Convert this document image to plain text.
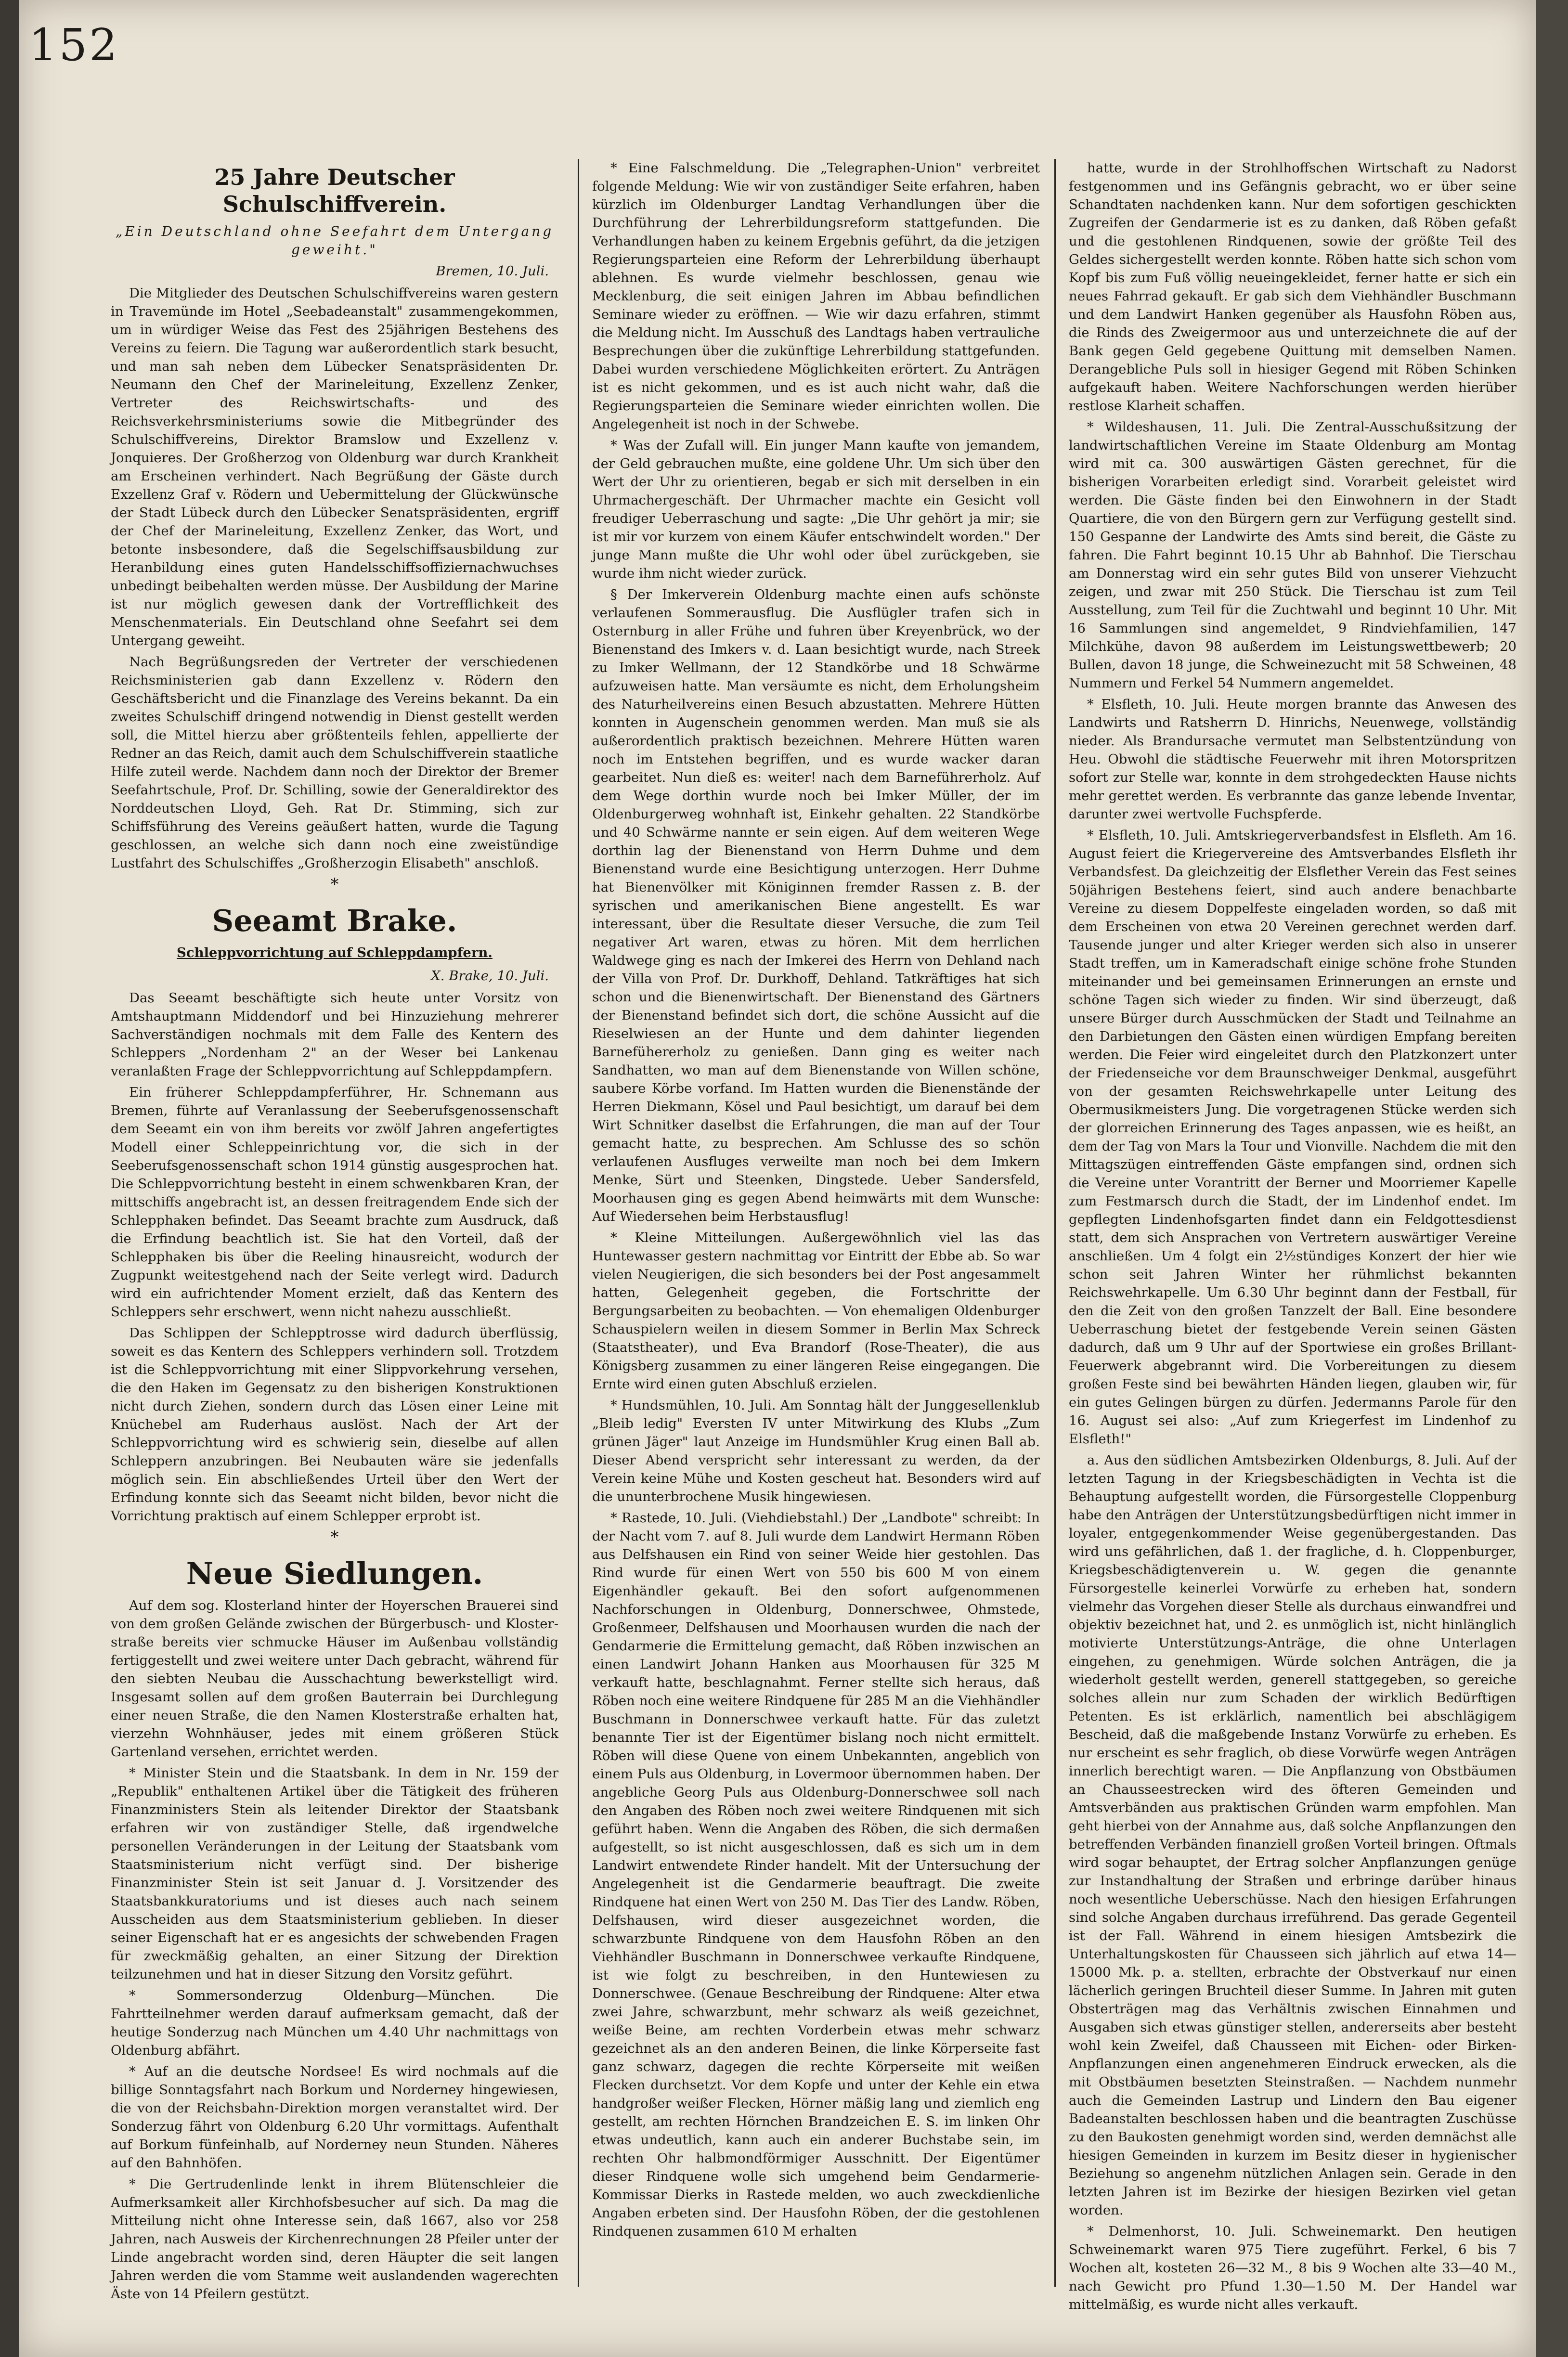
152
25 Jahre Deutscher Schulschiffverein.
„Ein Deutschland ohne Seefahrt dem Untergang geweiht."
Bremen, 10. Juli.

Die Mitglieder des Deutschen Schulschiffvereins waren gestern in Travemünde im Hotel „Seebadeanstalt" zusammengekommen, um in würdiger Weise das Fest des 25jährigen Bestehens des Vereins zu feiern. Die Tagung war außerordentlich stark besucht, und man sah neben dem Lübecker Senatspräsidenten Dr. Neumann den Chef der Marineleitung, Exzellenz Zenker, Vertreter des Reichswirtschafts- und des Reichsverkehrsministeriums sowie die Mitbegründer des Schulschiffvereins, Direktor Bramslow und Exzellenz v. Jonquieres. Der Großherzog von Oldenburg war durch Krankheit am Erscheinen verhindert. Nach Begrüßung der Gäste durch Exzellenz Graf v. Rödern und Uebermittelung der Glückwünsche der Stadt Lübeck durch den Lübecker Senatspräsidenten, ergriff der Chef der Marineleitung, Exzellenz Zenker, das Wort, und betonte insbesondere, daß die Segelschiffsausbildung zur Heranbildung eines guten Handelsschiffsoffiziernachwuchses unbedingt beibehalten werden müsse. Der Ausbildung der Marine ist nur möglich gewesen dank der Vortrefflichkeit des Menschenmaterials. Ein Deutschland ohne Seefahrt sei dem Untergang geweiht.

Nach Begrüßungsreden der Vertreter der verschiedenen Reichsministerien gab dann Exzellenz v. Rödern den Geschäftsbericht und die Finanzlage des Vereins bekannt. Da ein zweites Schulschiff dringend notwendig in Dienst gestellt werden soll, die Mittel hierzu aber größtenteils fehlen, appellierte der Redner an das Reich, damit auch dem Schulschiffverein staatliche Hilfe zuteil werde. Nachdem dann noch der Direktor der Bremer Seefahrtschule, Prof. Dr. Schilling, sowie der Generaldirektor des Norddeutschen Lloyd, Geh. Rat Dr. Stimming, sich zur Schiffsführung des Vereins geäußert hatten, wurde die Tagung geschlossen, an welche sich dann noch eine zweistündige Lustfahrt des Schulschiffes „Großherzogin Elisabeth" anschloß.

*
Seeamt Brake.
Schleppvorrichtung auf Schleppdampfern.
X. Brake, 10. Juli.

Das Seeamt beschäftigte sich heute unter Vorsitz von Amtshauptmann Middendorf und bei Hinzuziehung mehrerer Sachverständigen nochmals mit dem Falle des Kentern des Schleppers „Nordenham 2" an der Weser bei Lankenau veranlaßten Frage der Schleppvorrichtung auf Schleppdampfern.

Ein früherer Schleppdampferführer, Hr. Schnemann aus Bremen, führte auf Veranlassung der Seeberufsgenossenschaft dem Seeamt ein von ihm bereits vor zwölf Jahren angefertigtes Modell einer Schleppeinrichtung vor, die sich in der Seeberufsgenossenschaft schon 1914 günstig ausgesprochen hat. Die Schleppvorrichtung besteht in einem schwenkbaren Kran, der mittschiffs angebracht ist, an dessen freitragendem Ende sich der Schlepphaken befindet. Das Seeamt brachte zum Ausdruck, daß die Erfindung beachtlich ist. Sie hat den Vorteil, daß der Schlepphaken bis über die Reeling hinausreicht, wodurch der Zugpunkt weitestgehend nach der Seite verlegt wird. Dadurch wird ein aufrichtender Moment erzielt, daß das Kentern des Schleppers sehr erschwert, wenn nicht nahezu ausschließt.

Das Schlippen der Schlepptrosse wird dadurch überflüssig, soweit es das Kentern des Schleppers verhindern soll. Trotzdem ist die Schleppvorrichtung mit einer Slippvorkehrung versehen, die den Haken im Gegensatz zu den bisherigen Konstruktionen nicht durch Ziehen, sondern durch das Lösen einer Leine mit Knüchebel am Ruderhaus auslöst. Nach der Art der Schleppvorrichtung wird es schwierig sein, dieselbe auf allen Schleppern anzubringen. Bei Neubauten wäre sie jedenfalls möglich sein. Ein abschließendes Urteil über den Wert der Erfindung konnte sich das Seeamt nicht bilden, bevor nicht die Vorrichtung praktisch auf einem Schlepper erprobt ist.

*
Neue Siedlungen.

Auf dem sog. Klosterland hinter der Hoyerschen Brauerei sind von dem großen Gelände zwischen der Bürgerbusch- und Klosterstraße bereits vier schmucke Häuser im Außenbau vollständig fertiggestellt und zwei weitere unter Dach gebracht, während für den siebten Neubau die Ausschachtung bewerkstelligt wird. Insgesamt sollen auf dem großen Bauterrain bei Durchlegung einer neuen Straße, die den Namen Klosterstraße erhalten hat, vierzehn Wohnhäuser, jedes mit einem größeren Stück Gartenland versehen, errichtet werden.

* Minister Stein und die Staatsbank. In dem in Nr. 159 der „Republik" enthaltenen Artikel über die Tätigkeit des früheren Finanzministers Stein als leitender Direktor der Staatsbank erfahren wir von zuständiger Stelle, daß irgendwelche personellen Veränderungen in der Leitung der Staatsbank vom Staatsministerium nicht verfügt sind. Der bisherige Finanzminister Stein ist seit Januar d. J. Vorsitzender des Staatsbankkuratoriums und ist dieses auch nach seinem Ausscheiden aus dem Staatsministerium geblieben. In dieser seiner Eigenschaft hat er es angesichts der schwebenden Fragen für zweckmäßig gehalten, an einer Sitzung der Direktion teilzunehmen und hat in dieser Sitzung den Vorsitz geführt.

* Sommersonderzug Oldenburg—München. Die Fahrtteilnehmer werden darauf aufmerksam gemacht, daß der heutige Sonderzug nach München um 4.40 Uhr nachmittags von Oldenburg abfährt.

* Auf an die deutsche Nordsee! Es wird nochmals auf die billige Sonntagsfahrt nach Borkum und Norderney hingewiesen, die von der Reichsbahn-Direktion morgen veranstaltet wird. Der Sonderzug fährt von Oldenburg 6.20 Uhr vormittags. Aufenthalt auf Borkum fünfeinhalb, auf Norderney neun Stunden. Näheres auf den Bahnhöfen.

* Die Gertrudenlinde lenkt in ihrem Blütenschleier die Aufmerksamkeit aller Kirchhofsbesucher auf sich. Da mag die Mitteilung nicht ohne Interesse sein, daß 1667, also vor 258 Jahren, nach Ausweis der Kirchenrechnungen 28 Pfeiler unter der Linde angebracht worden sind, deren Häupter die seit langen Jahren werden die vom Stamme weit auslandenden wagerechten Äste von 14 Pfeilern gestützt.

* Eine Falschmeldung. Die „Telegraphen-Union" verbreitet folgende Meldung: Wie wir von zuständiger Seite erfahren, haben kürzlich im Oldenburger Landtag Verhandlungen über die Durchführung der Lehrerbildungsreform stattgefunden. Die Verhandlungen haben zu keinem Ergebnis geführt, da die jetzigen Regierungsparteien eine Reform der Lehrerbildung überhaupt ablehnen. Es wurde vielmehr beschlossen, genau wie Mecklenburg, die seit einigen Jahren im Abbau befindlichen Seminare wieder zu eröffnen. — Wie wir dazu erfahren, stimmt die Meldung nicht. Im Ausschuß des Landtags haben vertrauliche Besprechungen über die zukünftige Lehrerbildung stattgefunden. Dabei wurden verschiedene Möglichkeiten erörtert. Zu Anträgen ist es nicht gekommen, und es ist auch nicht wahr, daß die Regierungsparteien die Seminare wieder einrichten wollen. Die Angelegenheit ist noch in der Schwebe.

* Was der Zufall will. Ein junger Mann kaufte von jemandem, der Geld gebrauchen mußte, eine goldene Uhr. Um sich über den Wert der Uhr zu orientieren, begab er sich mit derselben in ein Uhrmachergeschäft. Der Uhrmacher machte ein Gesicht voll freudiger Ueberraschung und sagte: „Die Uhr gehört ja mir; sie ist mir vor kurzem von einem Käufer entschwindelt worden." Der junge Mann mußte die Uhr wohl oder übel zurückgeben, sie wurde ihm nicht wieder zurück.

§ Der Imkerverein Oldenburg machte einen aufs schönste verlaufenen Sommerausflug. Die Ausflügler trafen sich in Osternburg in aller Frühe und fuhren über Kreyenbrück, wo der Bienenstand des Imkers v. d. Laan besichtigt wurde, nach Streek zu Imker Wellmann, der 12 Standkörbe und 18 Schwärme aufzuweisen hatte. Man versäumte es nicht, dem Erholungsheim des Naturheilvereins einen Besuch abzustatten. Mehrere Hütten konnten in Augenschein genommen werden. Man muß sie als außerordentlich praktisch bezeichnen. Mehrere Hütten waren noch im Entstehen begriffen, und es wurde wacker daran gearbeitet. Nun dieß es: weiter! nach dem Barneführerholz. Auf dem Wege dorthin wurde noch bei Imker Müller, der im Oldenburgerweg wohnhaft ist, Einkehr gehalten. 22 Standkörbe und 40 Schwärme nannte er sein eigen. Auf dem weiteren Wege dorthin lag der Bienenstand von Herrn Duhme und dem Bienenstand wurde eine Besichtigung unterzogen. Herr Duhme hat Bienenvölker mit Königinnen fremder Rassen z. B. der syrischen und amerikanischen Biene angestellt. Es war interessant, über die Resultate dieser Versuche, die zum Teil negativer Art waren, etwas zu hören. Mit dem herrlichen Waldwege ging es nach der Imkerei des Herrn von Dehland nach der Villa von Prof. Dr. Durkhoff, Dehland. Tatkräftiges hat sich schon und die Bienenwirtschaft. Der Bienenstand des Gärtners der Bienenstand befindet sich dort, die schöne Aussicht auf die Rieselwiesen an der Hunte und dem dahinter liegenden Barnefühererholz zu genießen. Dann ging es weiter nach Sandhatten, wo man auf dem Bienenstande von Willen schöne, saubere Körbe vorfand. Im Hatten wurden die Bienenstände der Herren Diekmann, Kösel und Paul besichtigt, um darauf bei dem Wirt Schnitker daselbst die Erfahrungen, die man auf der Tour gemacht hatte, zu besprechen. Am Schlusse des so schön verlaufenen Ausfluges verweilte man noch bei dem Imkern Menke, Sürt und Steenken, Dingstede. Ueber Sandersfeld, Moorhausen ging es gegen Abend heimwärts mit dem Wunsche: Auf Wiedersehen beim Herbstausflug!

* Kleine Mitteilungen. Außergewöhnlich viel las das Huntewasser gestern nachmittag vor Eintritt der Ebbe ab. So war vielen Neugierigen, die sich besonders bei der Post angesammelt hatten, Gelegenheit gegeben, die Fortschritte der Bergungsarbeiten zu beobachten. — Von ehemaligen Oldenburger Schauspielern weilen in diesem Sommer in Berlin Max Schreck (Staatstheater), und Eva Brandorf (Rose-Theater), die aus Königsberg zusammen zu einer längeren Reise eingegangen. Die Ernte wird einen guten Abschluß erzielen.

* Hundsmühlen, 10. Juli. Am Sonntag hält der Junggesellenklub „Bleib ledig" Eversten IV unter Mitwirkung des Klubs „Zum grünen Jäger" laut Anzeige im Hundsmühler Krug einen Ball ab. Dieser Abend verspricht sehr interessant zu werden, da der Verein keine Mühe und Kosten gescheut hat. Besonders wird auf die ununterbrochene Musik hingewiesen.

* Rastede, 10. Juli. (Viehdiebstahl.) Der „Landbote" schreibt: In der Nacht vom 7. auf 8. Juli wurde dem Landwirt Hermann Röben aus Delfshausen ein Rind von seiner Weide hier gestohlen. Das Rind wurde für einen Wert von 550 bis 600 M von einem Eigenhändler gekauft. Bei den sofort aufgenommenen Nachforschungen in Oldenburg, Donnerschwee, Ohmstede, Großenmeer, Delfshausen und Moorhausen wurden die nach der Gendarmerie die Ermittelung gemacht, daß Röben inzwischen an einen Landwirt Johann Hanken aus Moorhausen für 325 M verkauft hatte, beschlagnahmt. Ferner stellte sich heraus, daß Röben noch eine weitere Rindquene für 285 M an die Viehhändler Buschmann in Donnerschwee verkauft hatte. Für das zuletzt benannte Tier ist der Eigentümer bislang noch nicht ermittelt. Röben will diese Quene von einem Unbekannten, angeblich von einem Puls aus Oldenburg, in Lovermoor übernommen haben. Der angebliche Georg Puls aus Oldenburg-Donnerschwee soll nach den Angaben des Röben noch zwei weitere Rindquenen mit sich geführt haben. Wenn die Angaben des Röben, die sich dermaßen aufgestellt, so ist nicht ausgeschlossen, daß es sich um in dem Landwirt entwendete Rinder handelt. Mit der Untersuchung der Angelegenheit ist die Gendarmerie beauftragt. Die zweite Rindquene hat einen Wert von 250 M. Das Tier des Landw. Röben, Delfshausen, wird dieser ausgezeichnet worden, die schwarzbunte Rindquene von dem Hausfohn Röben an den Viehhändler Buschmann in Donnerschwee verkaufte Rindquene, ist wie folgt zu beschreiben, in den Huntewiesen zu Donnerschwee. (Genaue Beschreibung der Rindquene: Alter etwa zwei Jahre, schwarzbunt, mehr schwarz als weiß gezeichnet, weiße Beine, am rechten Vorderbein etwas mehr schwarz gezeichnet als an den anderen Beinen, die linke Körperseite fast ganz schwarz, dagegen die rechte Körperseite mit weißen Flecken durchsetzt. Vor dem Kopfe und unter der Kehle ein etwa handgroßer weißer Flecken, Hörner mäßig lang und ziemlich eng gestellt, am rechten Hörnchen Brandzeichen E. S. im linken Ohr etwas undeutlich, kann auch ein anderer Buchstabe sein, im rechten Ohr halbmondförmiger Ausschnitt. Der Eigentümer dieser Rindquene wolle sich umgehend beim Gendarmerie-Kommissar Dierks in Rastede melden, wo auch zweckdienliche Angaben erbeten sind. Der Hausfohn Röben, der die gestohlenen Rindquenen zusammen 610 M erhalten

hatte, wurde in der Strohlhoffschen Wirtschaft zu Nadorst festgenommen und ins Gefängnis gebracht, wo er über seine Schandtaten nachdenken kann. Nur dem sofortigen geschickten Zugreifen der Gendarmerie ist es zu danken, daß Röben gefaßt und die gestohlenen Rindquenen, sowie der größte Teil des Geldes sichergestellt werden konnte. Röben hatte sich schon vom Kopf bis zum Fuß völlig neueingekleidet, ferner hatte er sich ein neues Fahrrad gekauft. Er gab sich dem Viehhändler Buschmann und dem Landwirt Hanken gegenüber als Hausfohn Röben aus, die Rinds des Zweigermoor aus und unterzeichnete die auf der Bank gegen Geld gegebene Quittung mit demselben Namen. Derangebliche Puls soll in hiesiger Gegend mit Röben Schinken aufgekauft haben. Weitere Nachforschungen werden hierüber restlose Klarheit schaffen.

* Wildeshausen, 11. Juli. Die Zentral-Ausschußsitzung der landwirtschaftlichen Vereine im Staate Oldenburg am Montag wird mit ca. 300 auswärtigen Gästen gerechnet, für die bisherigen Vorarbeiten erledigt sind. Vorarbeit geleistet wird werden. Die Gäste finden bei den Einwohnern in der Stadt Quartiere, die von den Bürgern gern zur Verfügung gestellt sind. 150 Gespanne der Landwirte des Amts sind bereit, die Gäste zu fahren. Die Fahrt beginnt 10.15 Uhr ab Bahnhof. Die Tierschau am Donnerstag wird ein sehr gutes Bild von unserer Viehzucht zeigen, und zwar mit 250 Stück. Die Tierschau ist zum Teil Ausstellung, zum Teil für die Zuchtwahl und beginnt 10 Uhr. Mit 16 Sammlungen sind angemeldet, 9 Rindviehfamilien, 147 Milchkühe, davon 98 außerdem im Leistungswettbewerb; 20 Bullen, davon 18 junge, die Schweinezucht mit 58 Schweinen, 48 Nummern und Ferkel 54 Nummern angemeldet.

* Elsfleth, 10. Juli. Heute morgen brannte das Anwesen des Landwirts und Ratsherrn D. Hinrichs, Neuenwege, vollständig nieder. Als Brandursache vermutet man Selbstentzündung von Heu. Obwohl die städtische Feuerwehr mit ihren Motorspritzen sofort zur Stelle war, konnte in dem strohgedeckten Hause nichts mehr gerettet werden. Es verbrannte das ganze lebende Inventar, darunter zwei wertvolle Fuchspferde.

* Elsfleth, 10. Juli. Amtskriegerverbandsfest in Elsfleth. Am 16. August feiert die Kriegervereine des Amtsverbandes Elsfleth ihr Verbandsfest. Da gleichzeitig der Elsflether Verein das Fest seines 50jährigen Bestehens feiert, sind auch andere benachbarte Vereine zu diesem Doppelfeste eingeladen worden, so daß mit dem Erscheinen von etwa 20 Vereinen gerechnet werden darf. Tausende junger und alter Krieger werden sich also in unserer Stadt treffen, um in Kameradschaft einige schöne frohe Stunden miteinander und bei gemeinsamen Erinnerungen an ernste und schöne Tagen sich wieder zu finden. Wir sind überzeugt, daß unsere Bürger durch Ausschmücken der Stadt und Teilnahme an den Darbietungen den Gästen einen würdigen Empfang bereiten werden. Die Feier wird eingeleitet durch den Platzkonzert unter der Friedenseiche vor dem Braunschweiger Denkmal, ausgeführt von der gesamten Reichswehrkapelle unter Leitung des Obermusikmeisters Jung. Die vorgetragenen Stücke werden sich der glorreichen Erinnerung des Tages anpassen, wie es heißt, an dem der Tag von Mars la Tour und Vionville. Nachdem die mit den Mittagszügen eintreffenden Gäste empfangen sind, ordnen sich die Vereine unter Vorantritt der Berner und Moorriemer Kapelle zum Festmarsch durch die Stadt, der im Lindenhof endet. Im gepflegten Lindenhofsgarten findet dann ein Feldgottesdienst statt, dem sich Ansprachen von Vertretern auswärtiger Vereine anschließen. Um 4 folgt ein 2½stündiges Konzert der hier wie schon seit Jahren Winter her rühmlichst bekannten Reichswehrkapelle. Um 6.30 Uhr beginnt dann der Festball, für den die Zeit von den großen Tanzzelt der Ball. Eine besondere Ueberraschung bietet der festgebende Verein seinen Gästen dadurch, daß um 9 Uhr auf der Sportwiese ein großes Brillant-Feuerwerk abgebrannt wird. Die Vorbereitungen zu diesem großen Feste sind bei bewährten Händen liegen, glauben wir, für ein gutes Gelingen bürgen zu dürfen. Jedermanns Parole für den 16. August sei also: „Auf zum Kriegerfest im Lindenhof zu Elsfleth!"

a. Aus den südlichen Amtsbezirken Oldenburgs, 8. Juli. Auf der letzten Tagung in der Kriegsbeschädigten in Vechta ist die Behauptung aufgestellt worden, die Fürsorgestelle Cloppenburg habe den Anträgen der Unterstützungsbedürftigen nicht immer in loyaler, entgegenkommender Weise gegenübergestanden. Das wird uns gefährlichen, daß 1. der fragliche, d. h. Cloppenburger, Kriegsbeschädigtenverein u. W. gegen die genannte Fürsorgestelle keinerlei Vorwürfe zu erheben hat, sondern vielmehr das Vorgehen dieser Stelle als durchaus einwandfrei und objektiv bezeichnet hat, und 2. es unmöglich ist, nicht hinlänglich motivierte Unterstützungs-Anträge, die ohne Unterlagen eingehen, zu genehmigen. Würde solchen Anträgen, die ja wiederholt gestellt werden, generell stattgegeben, so gereiche solches allein nur zum Schaden der wirklich Bedürftigen Petenten. Es ist erklärlich, namentlich bei abschlägigem Bescheid, daß die maßgebende Instanz Vorwürfe zu erheben. Es nur erscheint es sehr fraglich, ob diese Vorwürfe wegen Anträgen innerlich berechtigt waren. — Die Anpflanzung von Obstbäumen an Chausseestrecken wird des öfteren Gemeinden und Amtsverbänden aus praktischen Gründen warm empfohlen. Man geht hierbei von der Annahme aus, daß solche Anpflanzungen den betreffenden Verbänden finanziell großen Vorteil bringen. Oftmals wird sogar behauptet, der Ertrag solcher Anpflanzungen genüge zur Instandhaltung der Straßen und erbringe darüber hinaus noch wesentliche Ueberschüsse. Nach den hiesigen Erfahrungen sind solche Angaben durchaus irreführend. Das gerade Gegenteil ist der Fall. Während in einem hiesigen Amtsbezirk die Unterhaltungskosten für Chausseen sich jährlich auf etwa 14—15000 Mk. p. a. stellten, erbrachte der Obstverkauf nur einen lächerlich geringen Bruchteil dieser Summe. In Jahren mit guten Obsterträgen mag das Verhältnis zwischen Einnahmen und Ausgaben sich etwas günstiger stellen, andererseits aber besteht wohl kein Zweifel, daß Chausseen mit Eichen- oder Birken-Anpflanzungen einen angenehmeren Eindruck erwecken, als die mit Obstbäumen besetzten Steinstraßen. — Nachdem nunmehr auch die Gemeinden Lastrup und Lindern den Bau eigener Badeanstalten beschlossen haben und die beantragten Zuschüsse zu den Baukosten genehmigt worden sind, werden demnächst alle hiesigen Gemeinden in kurzem im Besitz dieser in hygienischer Beziehung so angenehm nützlichen Anlagen sein. Gerade in den letzten Jahren ist im Bezirke der hiesigen Bezirken viel getan worden.

* Delmenhorst, 10. Juli. Schweinemarkt. Den heutigen Schweinemarkt waren 975 Tiere zugeführt. Ferkel, 6 bis 7 Wochen alt, kosteten 26—32 M., 8 bis 9 Wochen alte 33—40 M., nach Gewicht pro Pfund 1.30—1.50 M. Der Handel war mittelmäßig, es wurde nicht alles verkauft.
